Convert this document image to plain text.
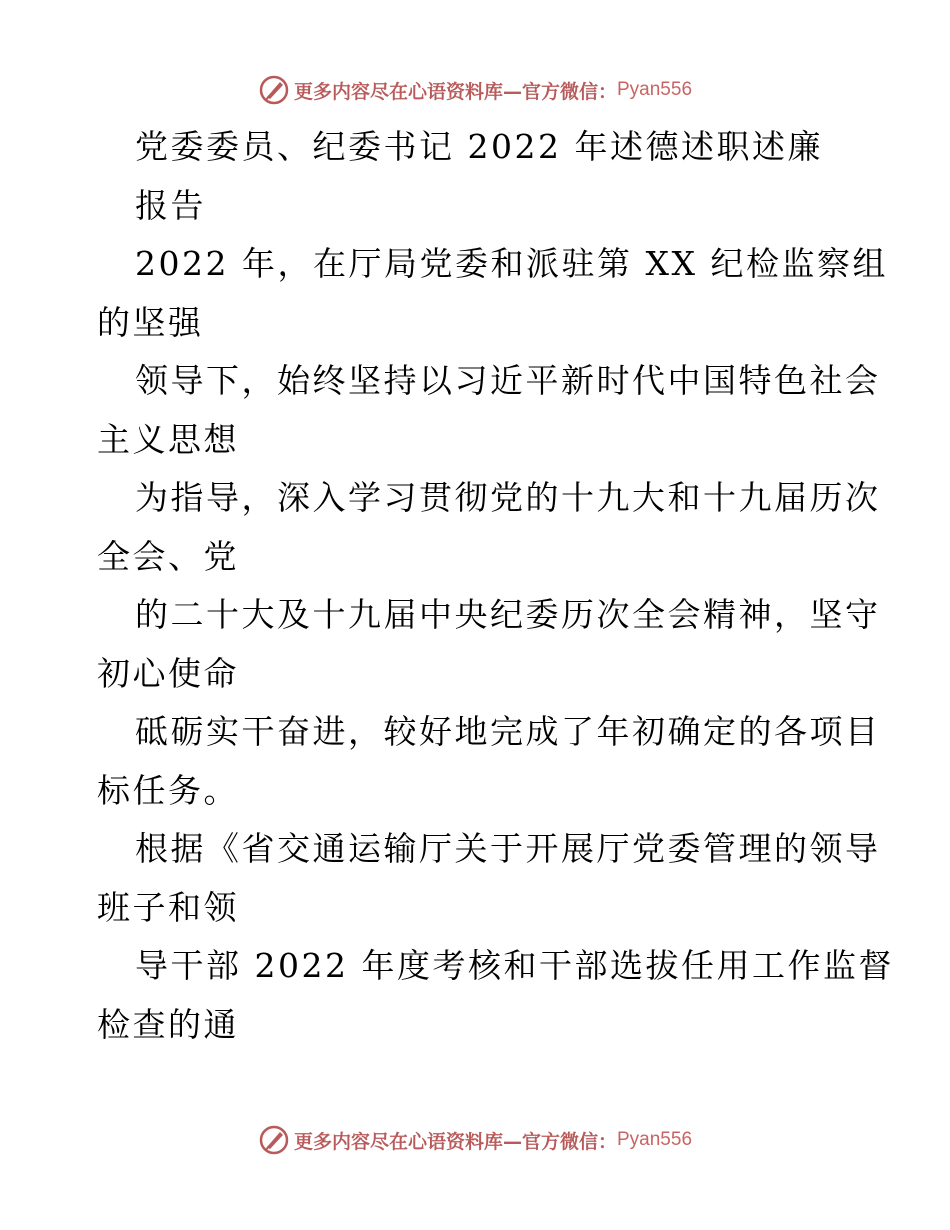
更多内容尽在心语资料库—官方微信： Pyan556
党委委员、纪委书记 2022 年述德述职述廉
报告
2022 年，在厅局党委和派驻第 XX 纪检监察组
的坚强
领导下，始终坚持以习近平新时代中国特色社会
主义思想
为指导，深入学习贯彻党的十九大和十九届历次
全会、党
的二十大及十九届中央纪委历次全会精神，坚守
初心使命
砥砺实干奋进，较好地完成了年初确定的各项目
标任务。
根据《省交通运输厅关于开展厅党委管理的领导
班子和领
导干部 2022 年度考核和干部选拔任用工作监督
检查的通
更多内容尽在心语资料库—官方微信： Pyan556
